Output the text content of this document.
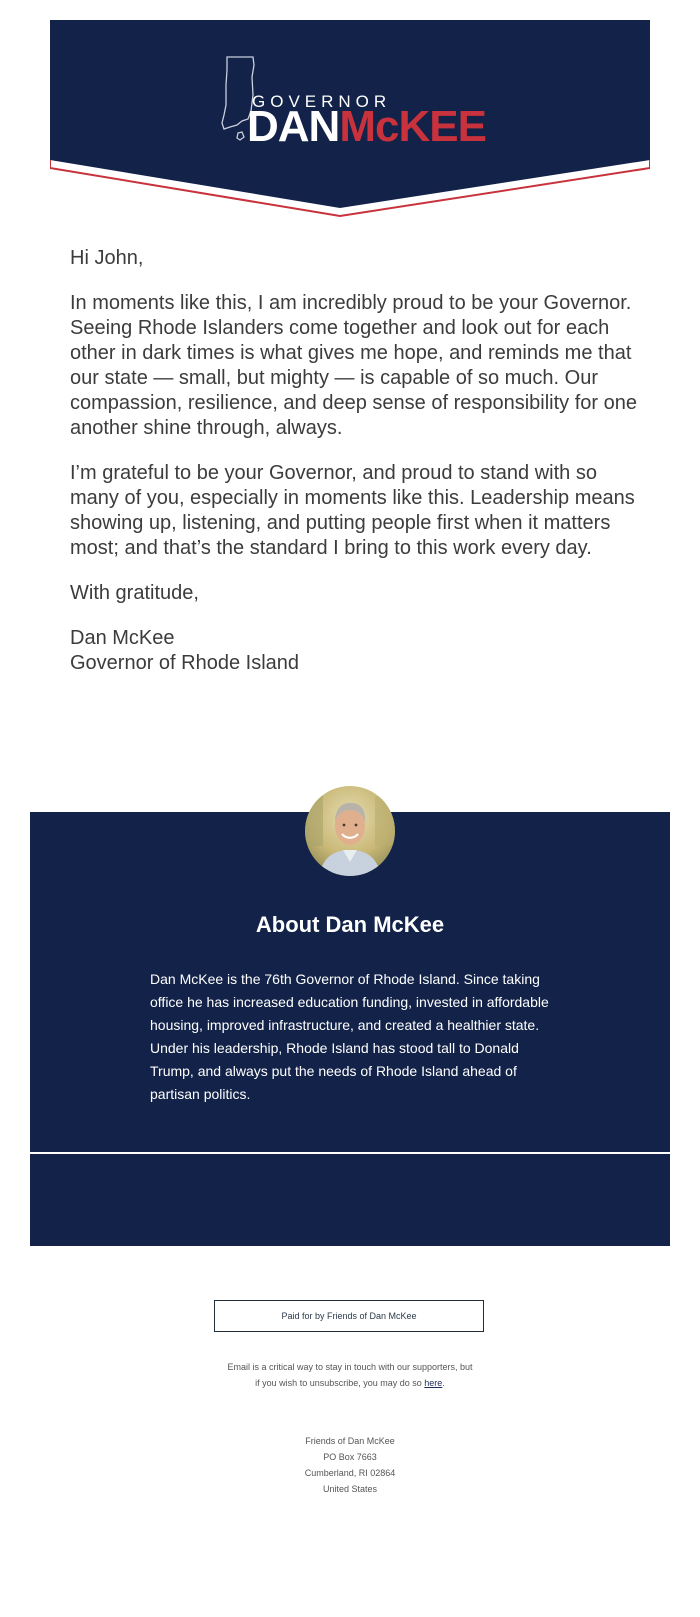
GOVERNOR
DANMcKEE

Hi John,

In moments like this, I am incredibly proud to be your Governor. Seeing Rhode Islanders come together and look out for each other in dark times is what gives me hope, and reminds me that our state — small, but mighty — is capable of so much. Our compassion, resilience, and deep sense of responsibility for one another shine through, always.

I’m grateful to be your Governor, and proud to stand with so many of you, especially in moments like this. Leadership means showing up, listening, and putting people first when it matters most; and that’s the standard I bring to this work every day.

With gratitude,

Dan McKee
Governor of Rhode Island
About Dan McKee
Dan McKee is the 76th Governor of Rhode Island. Since taking office he has increased education funding, invested in affordable housing, improved infrastructure, and created a healthier state. Under his leadership, Rhode Island has stood tall to Donald Trump, and always put the needs of Rhode Island ahead of partisan politics.
Paid for by Friends of Dan McKee
Email is a critical way to stay in touch with our supporters, but if you wish to unsubscribe, you may do so here.
Friends of Dan McKee
PO Box 7663
Cumberland, RI 02864
United States
